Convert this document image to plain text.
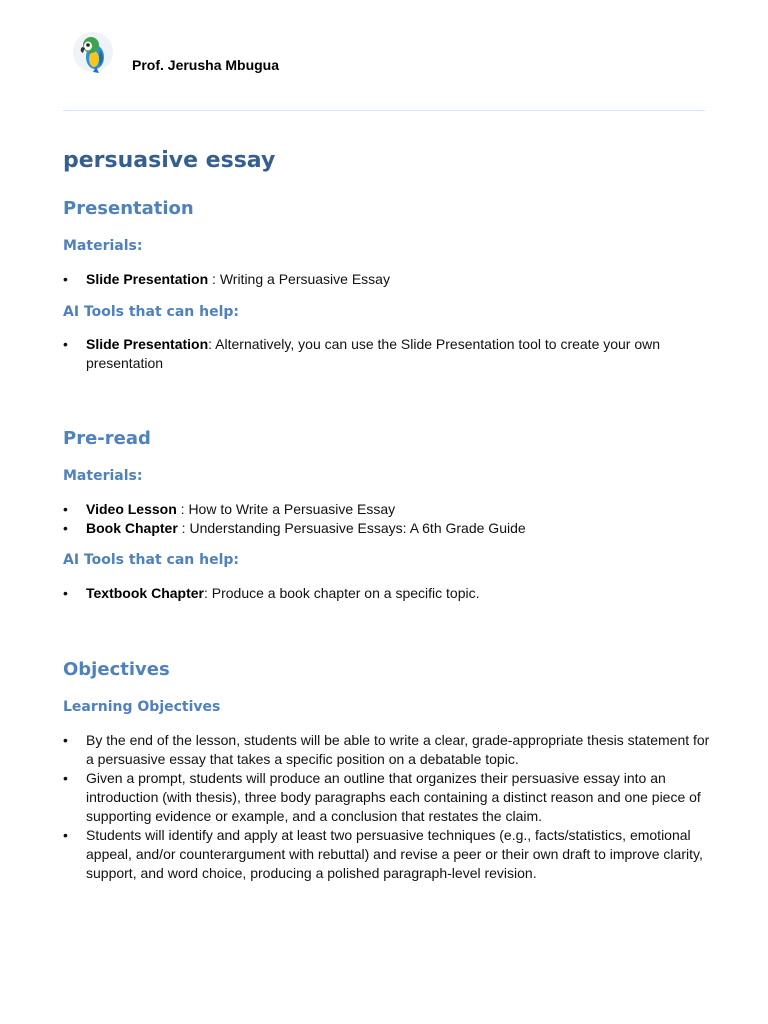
Prof. Jerusha Mbugua
persuasive essay
Presentation
Materials:
•	Slide Presentation : Writing a Persuasive Essay
AI Tools that can help:
•	Slide Presentation: Alternatively, you can use the Slide Presentation tool to create your own presentation
Pre-read
Materials:
•	Video Lesson : How to Write a Persuasive Essay
•	Book Chapter : Understanding Persuasive Essays: A 6th Grade Guide
AI Tools that can help:
•	Textbook Chapter: Produce a book chapter on a specific topic.
Objectives
Learning Objectives
•	By the end of the lesson, students will be able to write a clear, grade-appropriate thesis statement for a persuasive essay that takes a specific position on a debatable topic.
•	Given a prompt, students will produce an outline that organizes their persuasive essay into an introduction (with thesis), three body paragraphs each containing a distinct reason and one piece of supporting evidence or example, and a conclusion that restates the claim.
•	Students will identify and apply at least two persuasive techniques (e.g., facts/statistics, emotional appeal, and/or counterargument with rebuttal) and revise a peer or their own draft to improve clarity, support, and word choice, producing a polished paragraph-level revision.
